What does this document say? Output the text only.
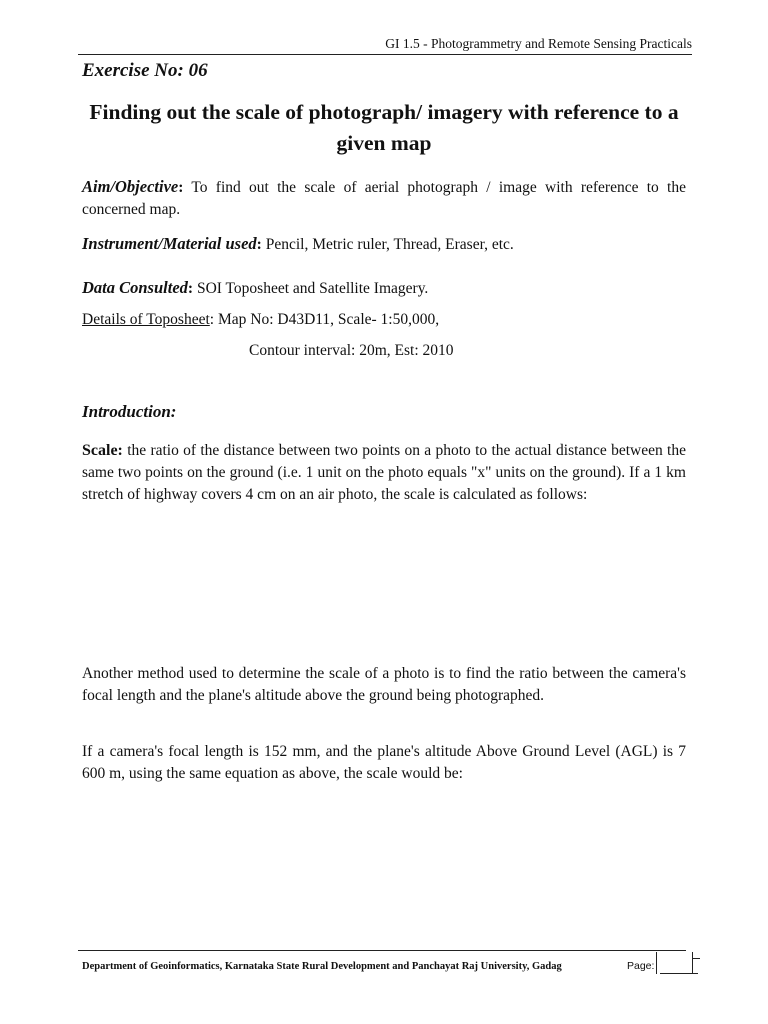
GI 1.5 - Photogrammetry and Remote Sensing Practicals
Exercise No: 06
Finding out the scale of photograph/ imagery with reference to a given map
Aim/Objective: To find out the scale of aerial photograph / image with reference to the concerned map.
Instrument/Material used: Pencil, Metric ruler, Thread, Eraser, etc.
Data Consulted: SOI Toposheet and Satellite Imagery.
Details of Toposheet: Map No: D43D11, Scale- 1:50,000,
Contour interval: 20m, Est: 2010
Introduction:
Scale: the ratio of the distance between two points on a photo to the actual distance between the same two points on the ground (i.e. 1 unit on the photo equals "x" units on the ground). If a 1 km stretch of highway covers 4 cm on an air photo, the scale is calculated as follows:
Another method used to determine the scale of a photo is to find the ratio between the camera's focal length and the plane's altitude above the ground being photographed.
If a camera's focal length is 152 mm, and the plane's altitude Above Ground Level (AGL) is 7 600 m, using the same equation as above, the scale would be:
Department of Geoinformatics, Karnataka State Rural Development and Panchayat Raj University, Gadag	Page:
